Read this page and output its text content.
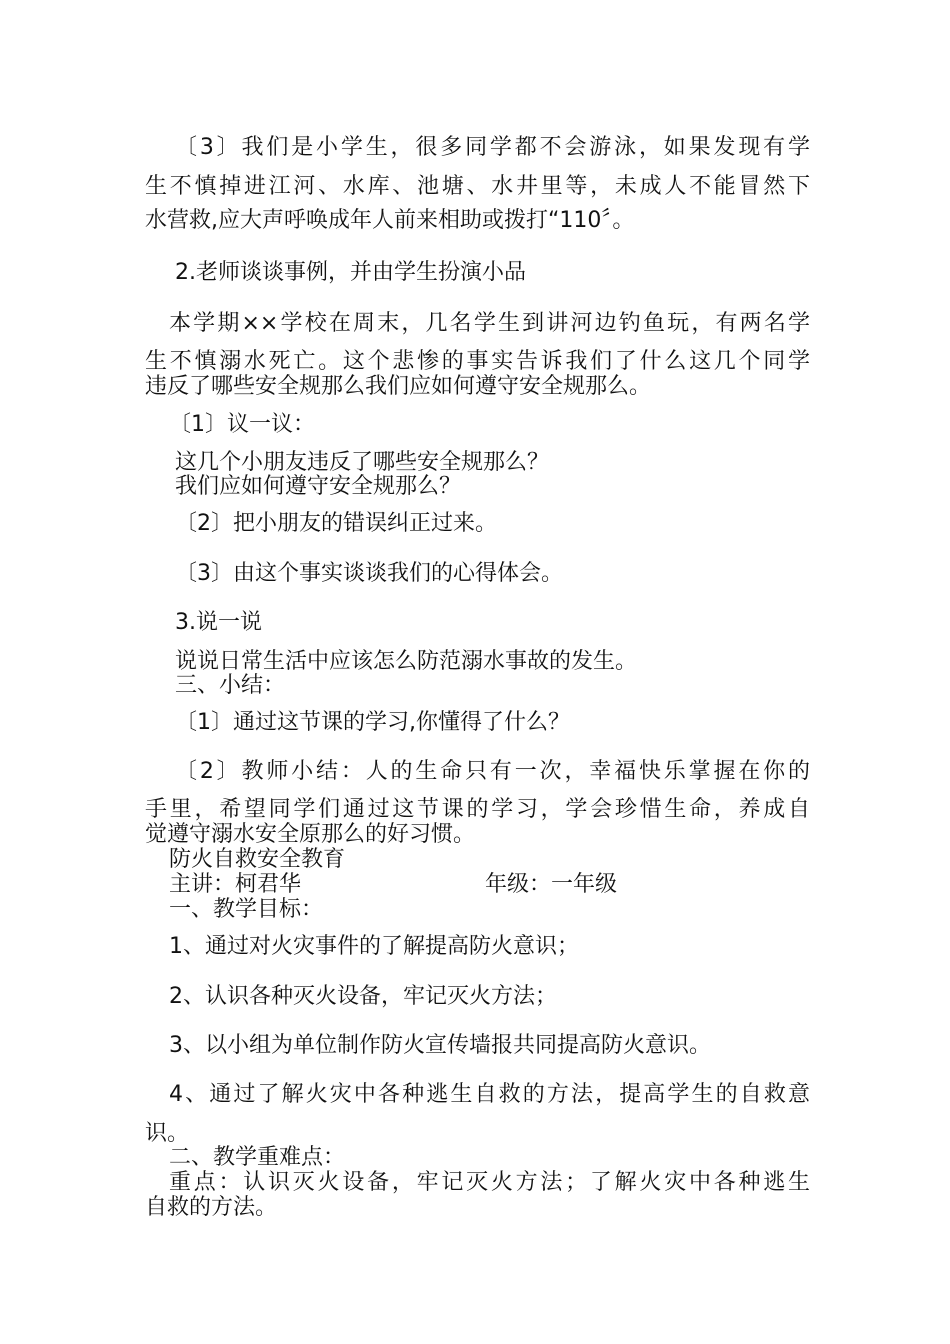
〔3〕我们是小学生，很多同学都不会游泳，如果发现有学
生不慎掉进江河、水库、池塘、水井里等，未成人不能冒然下
水营救,应大声呼唤成年人前来相助或拨打“110〞。
2.老师谈谈事例，并由学生扮演小品
本学期××学校在周末，几名学生到讲河边钓鱼玩，有两名学
生不慎溺水死亡。这个悲惨的事实告诉我们了什么这几个同学
违反了哪些安全规那么我们应如何遵守安全规那么。
〔1〕议一议：
这几个小朋友违反了哪些安全规那么？
我们应如何遵守安全规那么？
〔2〕把小朋友的错误纠正过来。
〔3〕由这个事实谈谈我们的心得体会。
3.说一说
说说日常生活中应该怎么防范溺水事故的发生。
三、小结：
〔1〕通过这节课的学习,你懂得了什么？
〔2〕教师小结：人的生命只有一次，幸福快乐掌握在你的
手里，希望同学们通过这节课的学习，学会珍惜生命，养成自
觉遵守溺水安全原那么的好习惯。
防火自救安全教育
主讲：柯君华	年级：一年级
一、教学目标：
1、通过对火灾事件的了解提高防火意识；
2、认识各种灭火设备，牢记灭火方法；
3、以小组为单位制作防火宣传墙报共同提高防火意识。
4、通过了解火灾中各种逃生自救的方法，提高学生的自救意
识。
二、教学重难点：
重点：认识灭火设备，牢记灭火方法；了解火灾中各种逃生
自救的方法。
